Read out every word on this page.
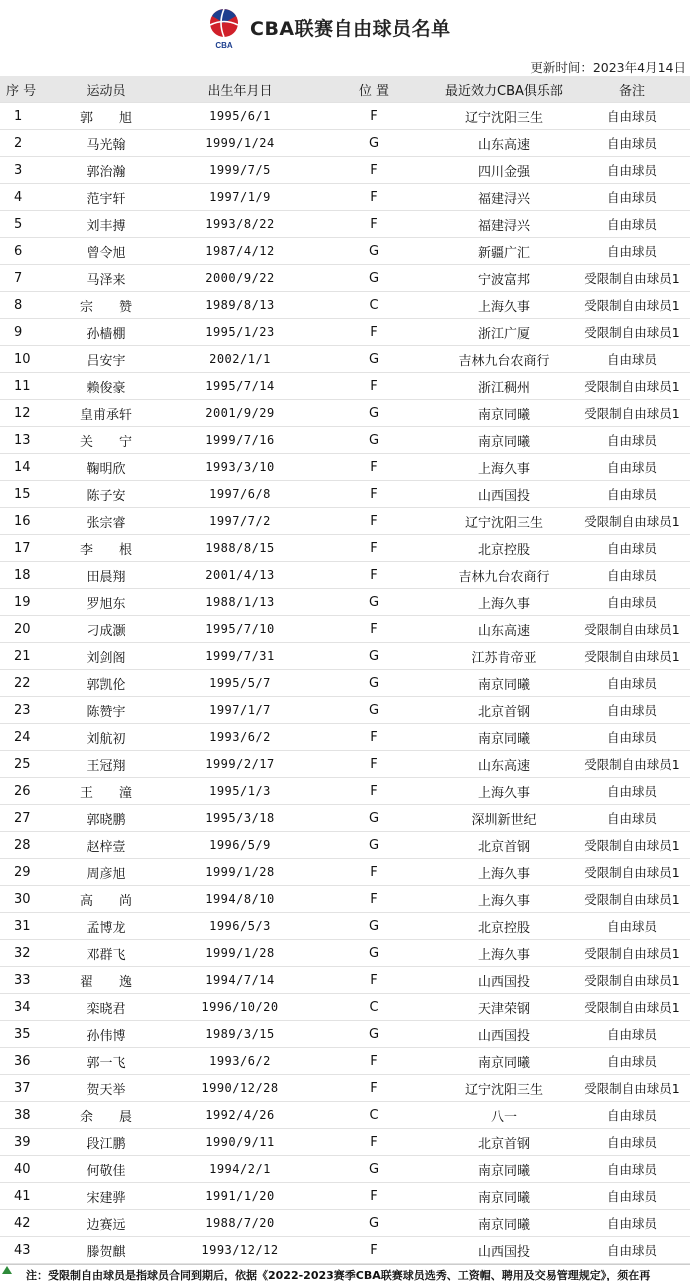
CBA
CBA联赛自由球员名单
更新时间：2023年4月14日
序 号	运动员	出生年月日	位 置	最近效力CBA俱乐部	备注
1	郭　　旭	1995/6/1	F	辽宁沈阳三生	自由球员
2	马光翰	1999/1/24	G	山东高速	自由球员
3	郭治瀚	1999/7/5	F	四川金强	自由球员
4	范宇轩	1997/1/9	F	福建浔兴	自由球员
5	刘丰搏	1993/8/22	F	福建浔兴	自由球员
6	曾令旭	1987/4/12	G	新疆广汇	自由球员
7	马泽来	2000/9/22	G	宁波富邦	受限制自由球员1
8	宗　　赞	1989/8/13	C	上海久事	受限制自由球员1
9	孙樯棚	1995/1/23	F	浙江广厦	受限制自由球员1
10	吕安宇	2002/1/1	G	吉林九台农商行	自由球员
11	赖俊豪	1995/7/14	F	浙江稠州	受限制自由球员1
12	皇甫承轩	2001/9/29	G	南京同曦	受限制自由球员1
13	关　　宁	1999/7/16	G	南京同曦	自由球员
14	鞠明欣	1993/3/10	F	上海久事	自由球员
15	陈子安	1997/6/8	F	山西国投	自由球员
16	张宗睿	1997/7/2	F	辽宁沈阳三生	受限制自由球员1
17	李　　根	1988/8/15	F	北京控股	自由球员
18	田晨翔	2001/4/13	F	吉林九台农商行	自由球员
19	罗旭东	1988/1/13	G	上海久事	自由球员
20	刁成灏	1995/7/10	F	山东高速	受限制自由球员1
21	刘剑阁	1999/7/31	G	江苏肯帝亚	受限制自由球员1
22	郭凯伦	1995/5/7	G	南京同曦	自由球员
23	陈赞宇	1997/1/7	G	北京首钢	自由球员
24	刘航初	1993/6/2	F	南京同曦	自由球员
25	王冠翔	1999/2/17	F	山东高速	受限制自由球员1
26	王　　潼	1995/1/3	F	上海久事	自由球员
27	郭晓鹏	1995/3/18	G	深圳新世纪	自由球员
28	赵梓壹	1996/5/9	G	北京首钢	受限制自由球员1
29	周彦旭	1999/1/28	F	上海久事	受限制自由球员1
30	高　　尚	1994/8/10	F	上海久事	受限制自由球员1
31	孟博龙	1996/5/3	G	北京控股	自由球员
32	邓群飞	1999/1/28	G	上海久事	受限制自由球员1
33	翟　　逸	1994/7/14	F	山西国投	受限制自由球员1
34	栾晓君	1996/10/20	C	天津荣钢	受限制自由球员1
35	孙伟博	1989/3/15	G	山西国投	自由球员
36	郭一飞	1993/6/2	F	南京同曦	自由球员
37	贺天举	1990/12/28	F	辽宁沈阳三生	受限制自由球员1
38	余　　晨	1992/4/26	C	八一	自由球员
39	段江鹏	1990/9/11	F	北京首钢	自由球员
40	何敬佳	1994/2/1	G	南京同曦	自由球员
41	宋建骅	1991/1/20	F	南京同曦	自由球员
42	边赛远	1988/7/20	G	南京同曦	自由球员
43	滕贺麒	1993/12/12	F	山西国投	自由球员
注：受限制自由球员是指球员合同到期后，依据《2022-2023赛季CBA联赛球员选秀、工资帽、聘用及交易管理规定》，须在再
